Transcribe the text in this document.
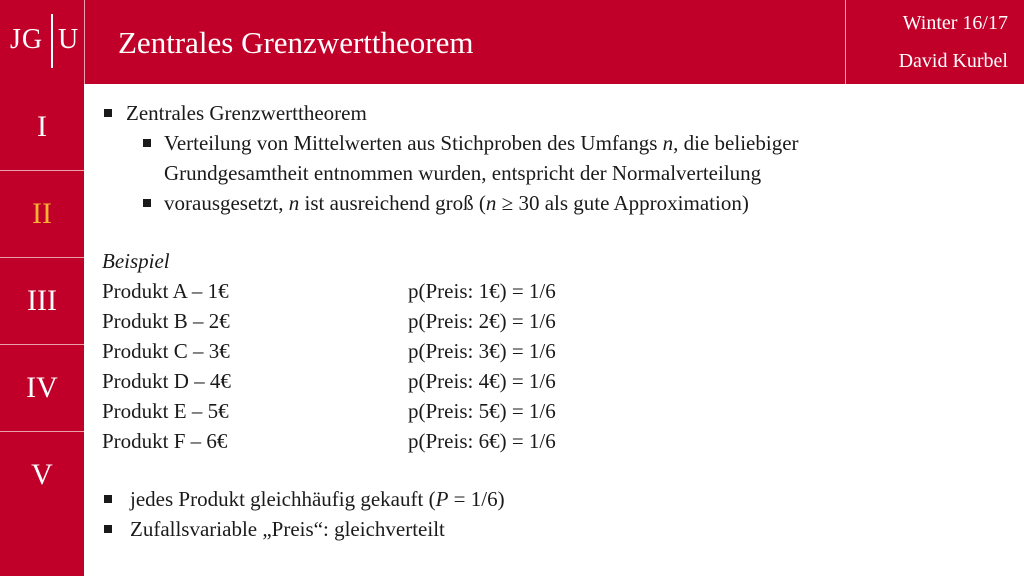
JG U Zentrales Grenzwerttheorem
Winter 16/17
David Kurbel
I
II
III
IV
V
Zentrales Grenzwerttheorem
Verteilung von Mittelwerten aus Stichproben des Umfangs n, die beliebiger
Grundgesamtheit entnommen wurden, entspricht der Normalverteilung
vorausgesetzt, n ist ausreichend groß (n ≥ 30 als gute Approximation)
Beispiel
Produkt A – 1€	p(Preis: 1€) = 1/6
Produkt B – 2€	p(Preis: 2€) = 1/6
Produkt C – 3€	p(Preis: 3€) = 1/6
Produkt D – 4€	p(Preis: 4€) = 1/6
Produkt E – 5€	p(Preis: 5€) = 1/6
Produkt F – 6€	p(Preis: 6€) = 1/6
jedes Produkt gleichhäufig gekauft (P = 1/6)
Zufallsvariable „Preis“: gleichverteilt
